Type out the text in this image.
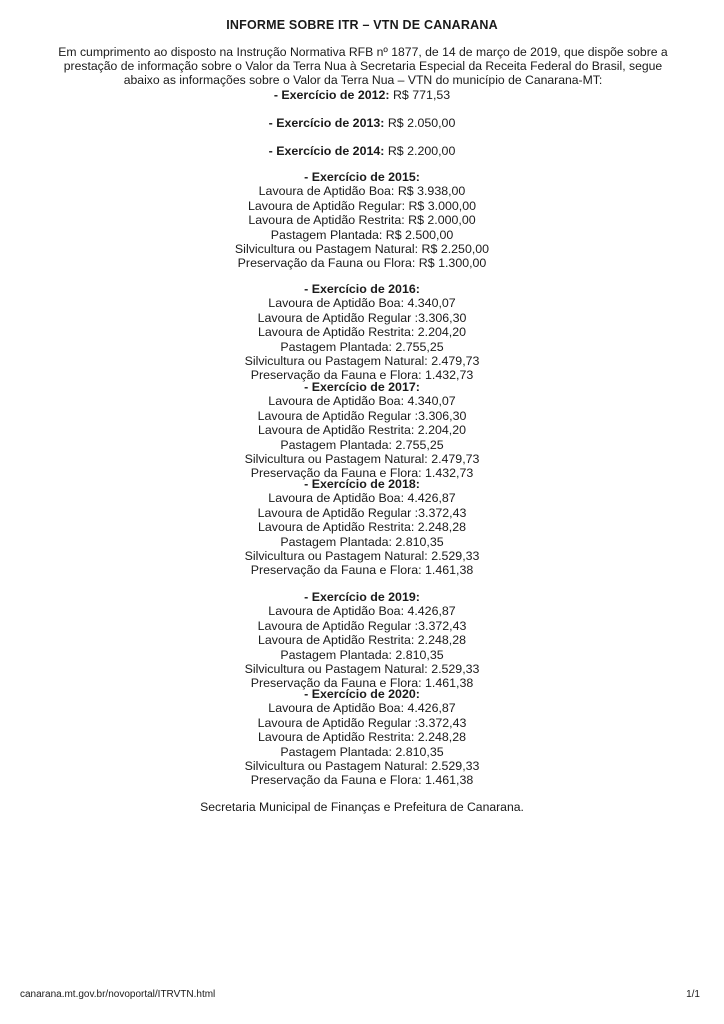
INFORME SOBRE ITR – VTN DE CANARANA
Em cumprimento ao disposto na Instrução Normativa RFB nº 1877, de 14 de março de 2019, que dispõe sobre a prestação de informação sobre o Valor da Terra Nua à Secretaria Especial da Receita Federal do Brasil, segue abaixo as informações sobre o Valor da Terra Nua – VTN do município de Canarana-MT:
- Exercício de 2012: R$ 771,53
- Exercício de 2013: R$ 2.050,00
- Exercício de 2014: R$ 2.200,00
- Exercício de 2015:
Lavoura de Aptidão Boa: R$ 3.938,00
Lavoura de Aptidão Regular: R$ 3.000,00
Lavoura de Aptidão Restrita: R$ 2.000,00
Pastagem Plantada: R$ 2.500,00
Silvicultura ou Pastagem Natural: R$ 2.250,00
Preservação da Fauna ou Flora: R$ 1.300,00
- Exercício de 2016:
Lavoura de Aptidão Boa: 4.340,07
Lavoura de Aptidão Regular :3.306,30
Lavoura de Aptidão Restrita: 2.204,20
Pastagem Plantada: 2.755,25
Silvicultura ou Pastagem Natural: 2.479,73
Preservação da Fauna e Flora: 1.432,73
- Exercício de 2017:
Lavoura de Aptidão Boa: 4.340,07
Lavoura de Aptidão Regular :3.306,30
Lavoura de Aptidão Restrita: 2.204,20
Pastagem Plantada: 2.755,25
Silvicultura ou Pastagem Natural: 2.479,73
Preservação da Fauna e Flora: 1.432,73
- Exercício de 2018:
Lavoura de Aptidão Boa: 4.426,87
Lavoura de Aptidão Regular :3.372,43
Lavoura de Aptidão Restrita: 2.248,28
Pastagem Plantada: 2.810,35
Silvicultura ou Pastagem Natural: 2.529,33
Preservação da Fauna e Flora: 1.461,38
- Exercício de 2019:
Lavoura de Aptidão Boa: 4.426,87
Lavoura de Aptidão Regular :3.372,43
Lavoura de Aptidão Restrita: 2.248,28
Pastagem Plantada: 2.810,35
Silvicultura ou Pastagem Natural: 2.529,33
Preservação da Fauna e Flora: 1.461,38
- Exercício de 2020:
Lavoura de Aptidão Boa: 4.426,87
Lavoura de Aptidão Regular :3.372,43
Lavoura de Aptidão Restrita: 2.248,28
Pastagem Plantada: 2.810,35
Silvicultura ou Pastagem Natural: 2.529,33
Preservação da Fauna e Flora: 1.461,38
Secretaria Municipal de Finanças e Prefeitura de Canarana.
canarana.mt.gov.br/novoportal/ITRVTN.html	1/1
